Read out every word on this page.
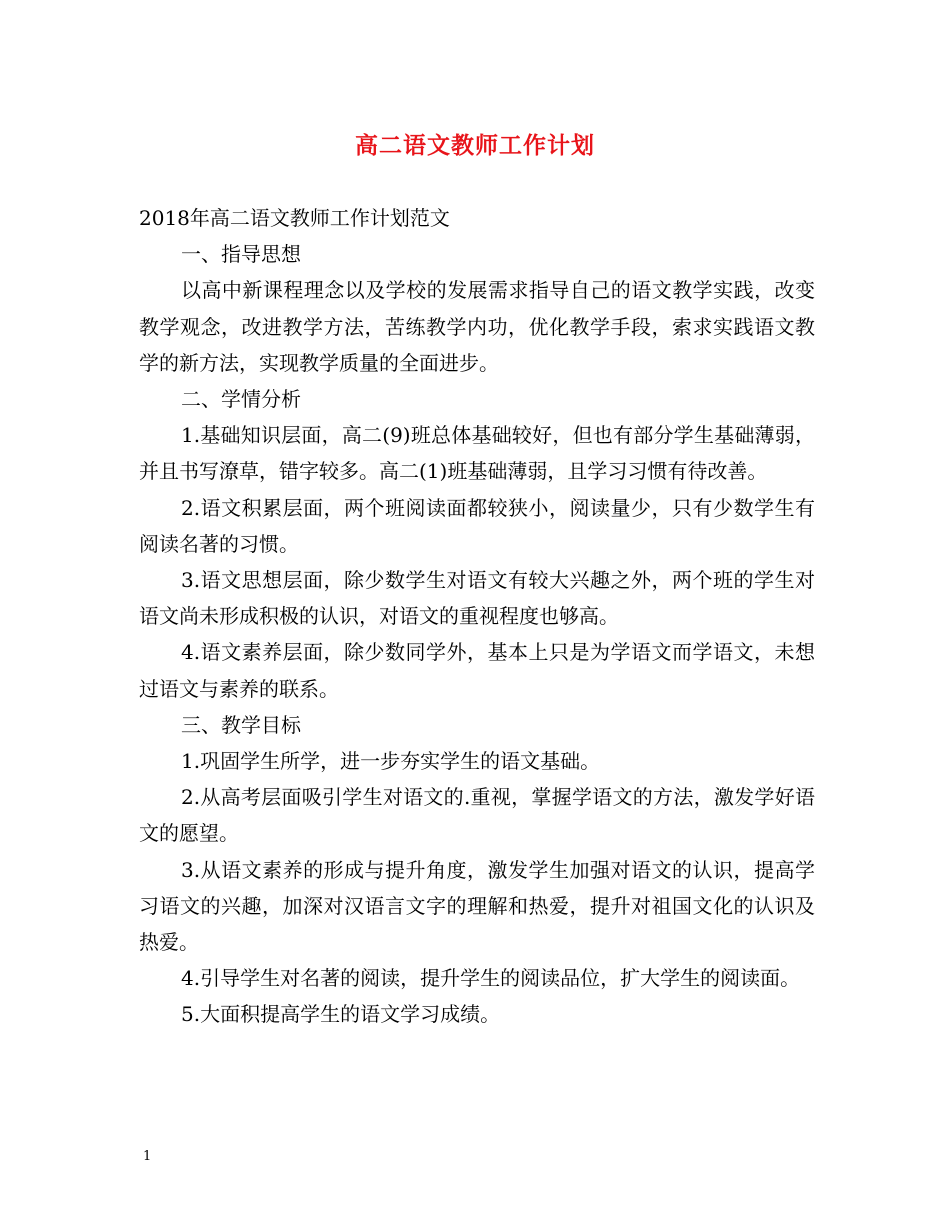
高二语文教师工作计划

2018年高二语文教师工作计划范文

一、指导思想

以高中新课程理念以及学校的发展需求指导自己的语文教学实践，改变教学观念，改进教学方法，苦练教学内功，优化教学手段，索求实践语文教学的新方法，实现教学质量的全面进步。

二、学情分析

1.基础知识层面，高二(9)班总体基础较好，但也有部分学生基础薄弱，并且书写潦草，错字较多。高二(1)班基础薄弱，且学习习惯有待改善。

2.语文积累层面，两个班阅读面都较狭小，阅读量少，只有少数学生有阅读名著的习惯。

3.语文思想层面，除少数学生对语文有较大兴趣之外，两个班的学生对语文尚未形成积极的认识，对语文的重视程度也够高。

4.语文素养层面，除少数同学外，基本上只是为学语文而学语文，未想过语文与素养的联系。

三、教学目标

1.巩固学生所学，进一步夯实学生的语文基础。

2.从高考层面吸引学生对语文的.重视，掌握学语文的方法，激发学好语文的愿望。

3.从语文素养的形成与提升角度，激发学生加强对语文的认识，提高学习语文的兴趣，加深对汉语言文字的理解和热爱，提升对祖国文化的认识及热爱。

4.引导学生对名著的阅读，提升学生的阅读品位，扩大学生的阅读面。

5.大面积提高学生的语文学习成绩。

1
